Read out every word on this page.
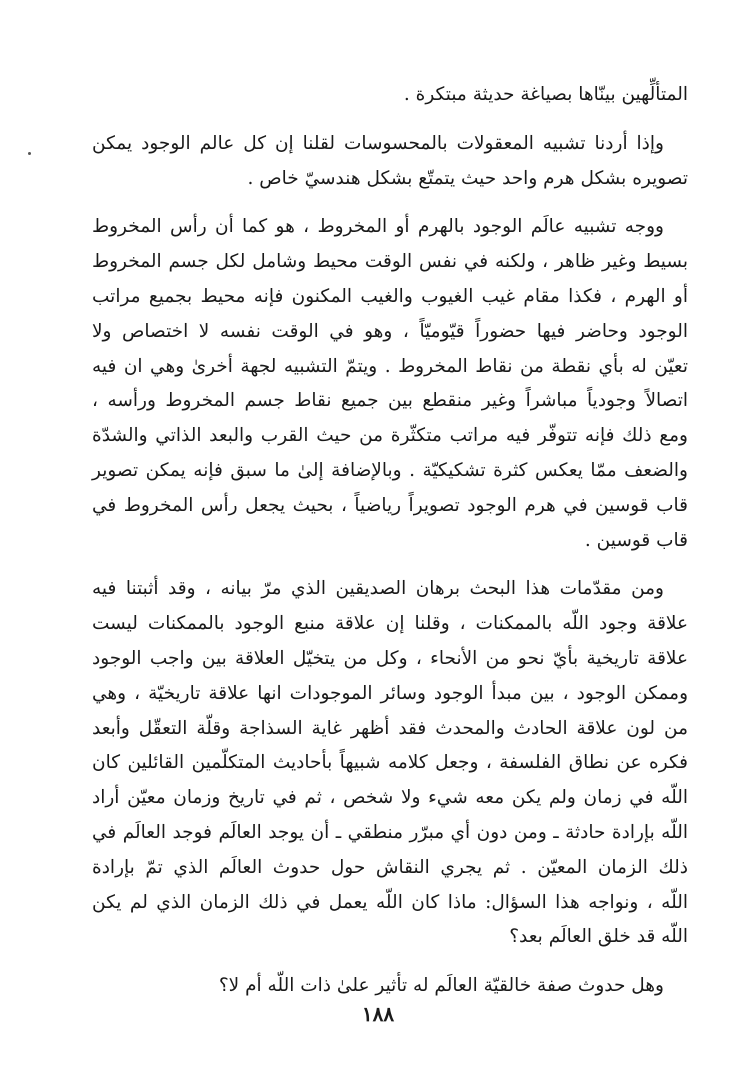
المتألِّهين بينّاها بصياغة حديثة مبتكرة .

وإذا أردنا تشبيه المعقولات بالمحسوسات لقلنا إن كل عالم الوجود يمكن
تصويره بشكل هرم واحد حيث يتمتّع بشكل هندسيّ خاص .

ووجه تشبيه عالَم الوجود بالهرم أو المخروط ، هو كما أن رأس المخروط
بسيط وغير ظاهر ، ولكنه في نفس الوقت محيط وشامل لكل جسم المخروط
أو الهرم ، فكذا مقام غيب الغيوب والغيب المكنون فإنه محيط بجميع مراتب
الوجود وحاضر فيها حضوراً قيّوميّاً ، وهو في الوقت نفسه لا اختصاص ولا
تعيّن له بأي نقطة من نقاط المخروط . ويتمّ التشبيه لجهة أخرىٰ وهي ان فيه
اتصالاً وجودياً مباشراً وغير منقطع بين جميع نقاط جسم المخروط ورأسه ،
ومع ذلك فإنه تتوفّر فيه مراتب متكثّرة من حيث القرب والبعد الذاتي والشدّة
والضعف ممّا يعكس كثرة تشكيكيّة . وبالإضافة إلىٰ ما سبق فإنه يمكن تصوير
قاب قوسين في هرم الوجود تصويراً رياضياً ، بحيث يجعل رأس المخروط في
قاب قوسين .

ومن مقدّمات هذا البحث برهان الصديقين الذي مرّ بيانه ، وقد أثبتنا فيه
علاقة وجود اللّه بالممكنات ، وقلنا إن علاقة منبع الوجود بالممكنات ليست
علاقة تاريخية بأيّ نحو من الأنحاء ، وكل من يتخيّل العلاقة بين واجب الوجود
وممكن الوجود ، بين مبدأ الوجود وسائر الموجودات انها علاقة تاريخيّة ، وهي
من لون علاقة الحادث والمحدث فقد أظهر غاية السذاجة وقلّة التعقّل وأبعد
فكره عن نطاق الفلسفة ، وجعل كلامه شبيهاً بأحاديث المتكلّمين القائلين كان
اللّه في زمان ولم يكن معه شيء ولا شخص ، ثم في تاريخ وزمان معيّن أراد
اللّه بإرادة حادثة ـ ومن دون أي مبرّر منطقي ـ أن يوجد العالَم فوجد العالَم في
ذلك الزمان المعيّن . ثم يجري النقاش حول حدوث العالَم الذي تمّ بإرادة
اللّه ، ونواجه هذا السؤال: ماذا كان اللّه يعمل في ذلك الزمان الذي لم يكن
اللّه قد خلق العالَم بعد؟

وهل حدوث صفة خالقيّة العالَم له تأثير علىٰ ذات اللّه أم لا؟

١٨٨
